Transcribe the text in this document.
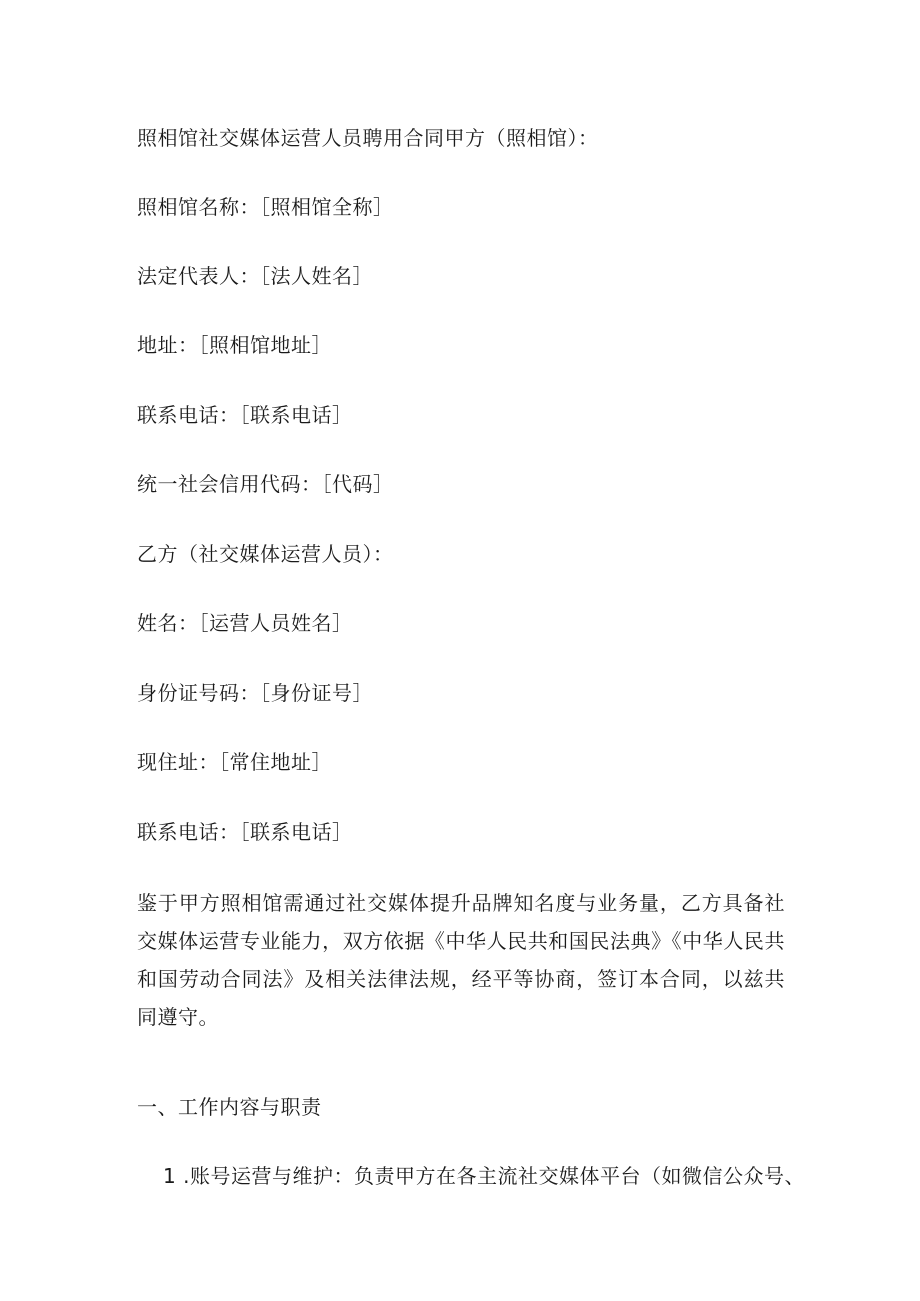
照相馆社交媒体运营人员聘用合同甲方（照相馆）：
照相馆名称：［照相馆全称］
法定代表人：［法人姓名］
地址：［照相馆地址］
联系电话：［联系电话］
统一社会信用代码：［代码］
乙方（社交媒体运营人员）：
姓名：［运营人员姓名］
身份证号码：［身份证号］
现住址：［常住地址］
联系电话：［联系电话］
鉴于甲方照相馆需通过社交媒体提升品牌知名度与业务量，乙方具备社交媒体运营专业能力，双方依据《中华人民共和国民法典》《中华人民共和国劳动合同法》及相关法律法规，经平等协商，签订本合同，以兹共同遵守。
一、工作内容与职责
1 .账号运营与维护：负责甲方在各主流社交媒体平台（如微信公众号、
